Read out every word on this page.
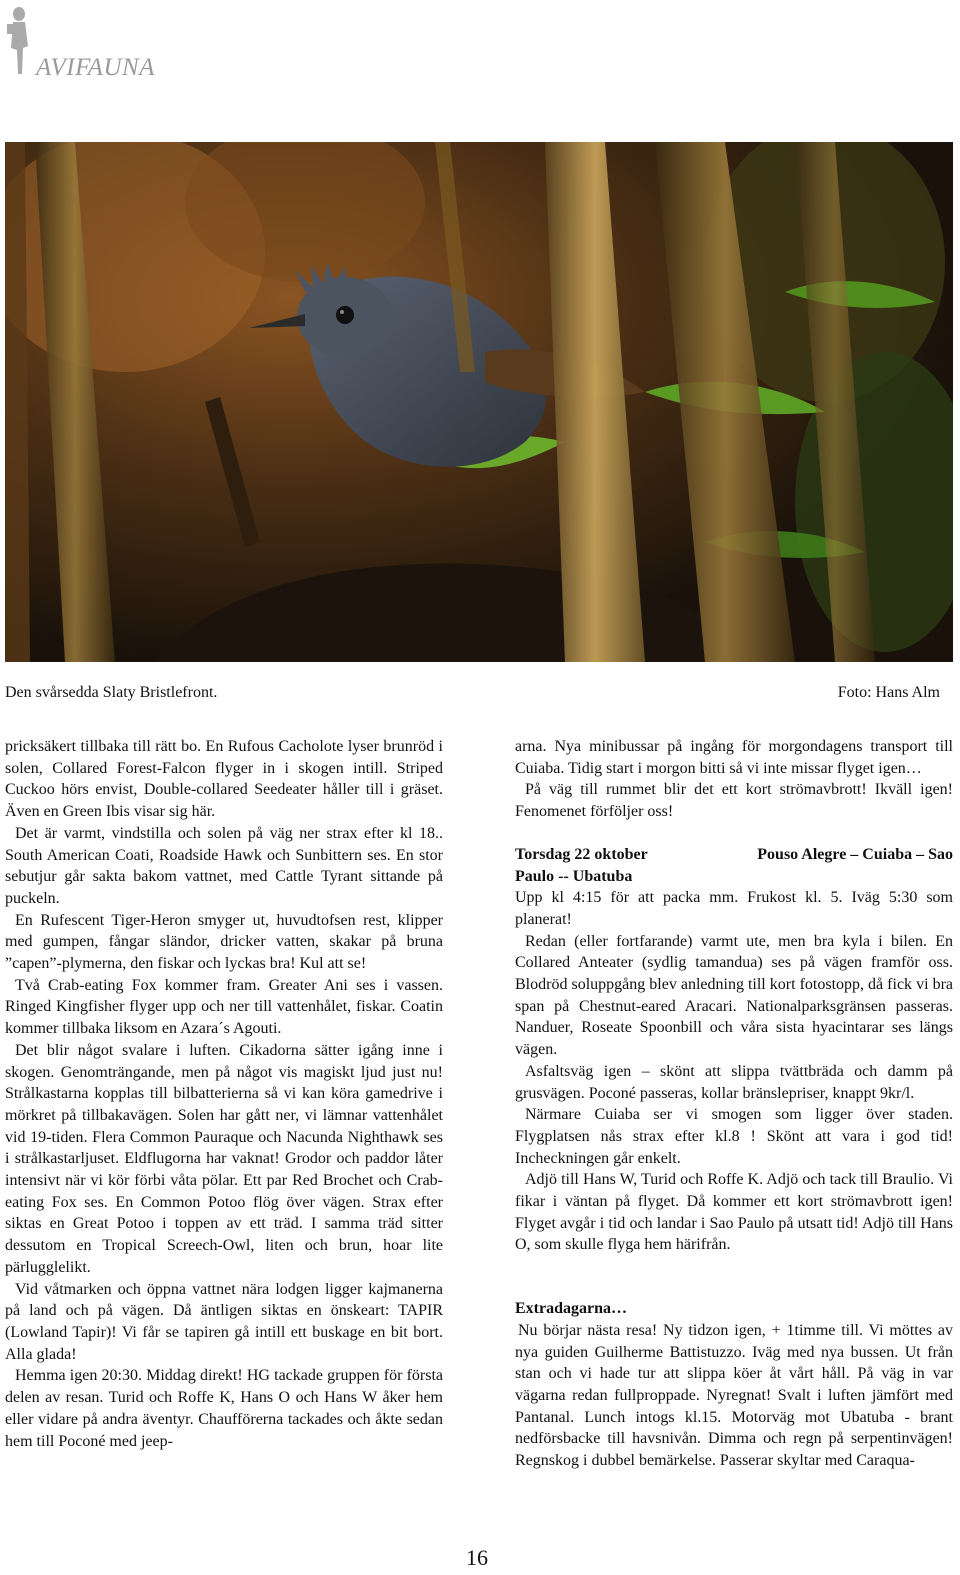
AVIFAUNA
Den svårsedda Slaty Bristlefront.	Foto: Hans Alm

pricksäkert tillbaka till rätt bo. En Rufous Cacholote lyser brunröd i solen, Collared Forest-Falcon flyger in i skogen intill. Striped Cuckoo hörs envist, Double-collared Seedeater håller till i gräset. Även en Green Ibis visar sig här.

Det är varmt, vindstilla och solen på väg ner strax efter kl 18.. South American Coati, Roadside Hawk och Sunbittern ses. En stor sebutjur går sakta bakom vattnet, med Cattle Tyrant sittande på puckeln.

En Rufescent Tiger-Heron smyger ut, huvudtofsen rest, klipper med gumpen, fångar sländor, dricker vatten, skakar på bruna ”capen”-plymerna, den fiskar och lyckas bra! Kul att se!

Två Crab-eating Fox kommer fram. Greater Ani ses i vassen. Ringed Kingfisher flyger upp och ner till vattenhålet, fiskar. Coatin kommer tillbaka liksom en Azara´s Agouti.

Det blir något svalare i luften. Cikadorna sätter igång inne i skogen. Genomträngande, men på något vis magiskt ljud just nu! Strålkastarna kopplas till bilbatterierna så vi kan köra gamedrive i mörkret på tillbakavägen. Solen har gått ner, vi lämnar vattenhålet vid 19-tiden. Flera Common Pauraque och Nacunda Nighthawk ses i strålkastarljuset. Eldflugorna har vaknat! Grodor och paddor låter intensivt när vi kör förbi våta pölar. Ett par Red Brochet och Crab-eating Fox ses. En Common Potoo flög över vägen. Strax efter siktas en Great Potoo i toppen av ett träd. I samma träd sitter dessutom en Tropical Screech-Owl, liten och brun, hoar lite pärlugglelikt.

Vid våtmarken och öppna vattnet nära lodgen ligger kajmanerna på land och på vägen. Då äntligen siktas en önskeart: TAPIR (Lowland Tapir)! Vi får se tapiren gå intill ett buskage en bit bort. Alla glada!

Hemma igen 20:30. Middag direkt! HG tackade gruppen för första delen av resan. Turid och Roffe K, Hans O och Hans W åker hem eller vidare på andra äventyr. Chaufförerna tackades och åkte sedan hem till Poconé med jeep-

arna. Nya minibussar på ingång för morgondagens transport till Cuiaba. Tidig start i morgon bitti så vi inte missar flyget igen…

På väg till rummet blir det ett kort strömavbrott! Ikväll igen! Fenomenet förföljer oss!

Torsdag 22 oktober	Pouso Alegre – Cuiaba – Sao
Paulo -- Ubatuba

Upp kl 4:15 för att packa mm. Frukost kl. 5. Iväg 5:30 som planerat!

Redan (eller fortfarande) varmt ute, men bra kyla i bilen. En Collared Anteater (sydlig tamandua) ses på vägen framför oss. Blodröd soluppgång blev anledning till kort fotostopp, då fick vi bra span på Chestnut-eared Aracari. Nationalparksgränsen passeras. Nanduer, Roseate Spoonbill och våra sista hyacintarar ses längs vägen.

Asfaltsväg igen – skönt att slippa tvättbräda och damm på grusvägen. Poconé passeras, kollar bränslepriser, knappt 9kr/l.

Närmare Cuiaba ser vi smogen som ligger över staden. Flygplatsen nås strax efter kl.8 ! Skönt att vara i god tid! Incheckningen går enkelt.

Adjö till Hans W, Turid och Roffe K. Adjö och tack till Braulio. Vi fikar i väntan på flyget. Då kommer ett kort strömavbrott igen! Flyget avgår i tid och landar i Sao Paulo på utsatt tid! Adjö till Hans O, som skulle flyga hem härifrån.

Extradagarna…

Nu börjar nästa resa! Ny tidzon igen, + 1timme till. Vi möttes av nya guiden Guilherme Battistuzzo. Iväg med nya bussen. Ut från stan och vi hade tur att slippa köer åt vårt håll. På väg in var vägarna redan fullproppade. Nyregnat! Svalt i luften jämfört med Pantanal. Lunch intogs kl.15. Motorväg mot Ubatuba - brant nedförsbacke till havsnivån. Dimma och regn på serpentinvägen! Regnskog i dubbel bemärkelse. Passerar skyltar med Caraqua-

16
